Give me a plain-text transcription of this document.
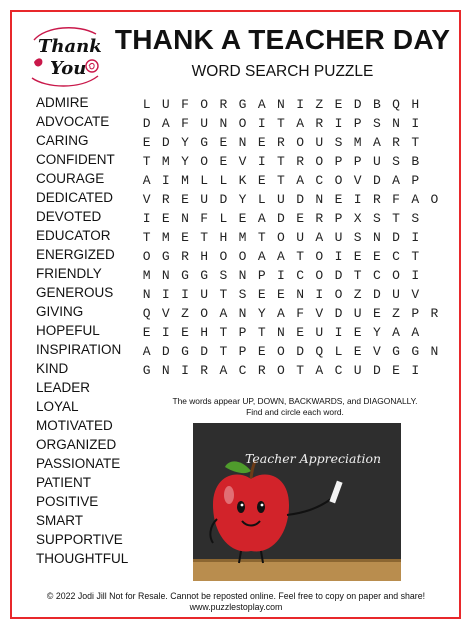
Thank
You
THANK A TEACHER DAY
WORD SEARCH PUZZLE
ADMIRE
ADVOCATE
CARING
CONFIDENT
COURAGE
DEDICATED
DEVOTED
EDUCATOR
ENERGIZED
FRIENDLY
GENEROUS
GIVING
HOPEFUL
INSPIRATION
KIND
LEADER
LOYAL
MOTIVATED
ORGANIZED
PASSIONATE
PATIENT
POSITIVE
SMART
SUPPORTIVE
THOUGHTFUL
L U F O R G A N I Z E D B Q H
D A F U N O I T A R I P S N I
E D Y G E N E R O U S M A R T
T M Y O E V I T R O P P U S B
A I M L L K E T A C O V D A P
V R E U D Y L U D N E I R F A O
I E N F L E A D E R P X S T S
T M E T H M T O U A U S N D I
O G R H O O A A T O I E E C T
M N G G S N P I C O D T C O I
N I I U T S E E N I O Z D U V
Q V Z O A N Y A F V D U E Z P R
E I E H T P T N E U I E Y A A
A D G D T P E O D Q L E V G G N
G N I R A C R O T A C U D E I
The words appear UP, DOWN, BACKWARDS, and DIAGONALLY.
Find and circle each word.
Teacher Appreciation
© 2022 Jodi Jill Not for Resale. Cannot be reposted online. Feel free to copy on paper and share!
www.puzzlestoplay.com
